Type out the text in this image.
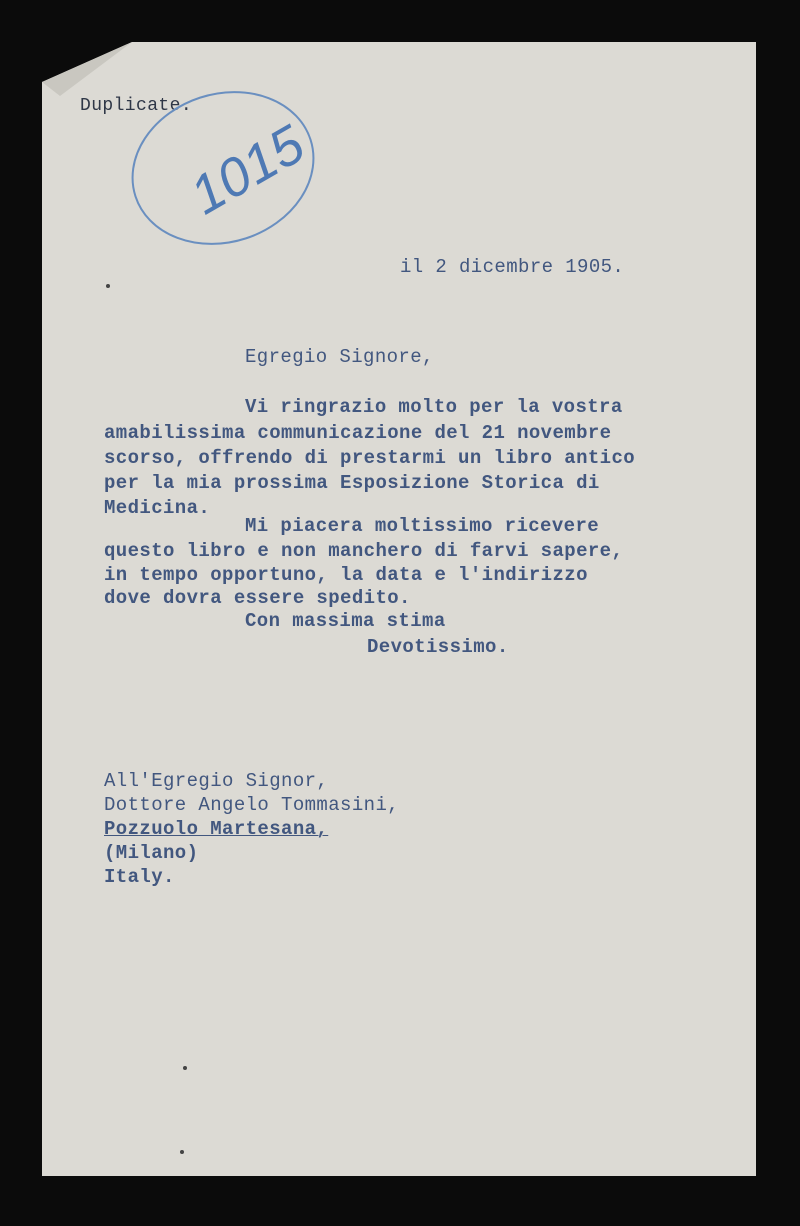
Duplicate.
1015
il 2 dicembre 1905.
Egregio Signore,
Vi ringrazio molto per la vostra
amabilissima communicazione del 21 novembre
scorso, offrendo di prestarmi un libro antico
per la mia prossima Esposizione Storica di
Medicina.
Mi piacera moltissimo ricevere
questo libro e non manchero di farvi sapere,
in tempo opportuno, la data e l'indirizzo
dove dovra essere spedito.
Con massima stima
Devotissimo.
All'Egregio Signor,
Dottore Angelo Tommasini,
Pozzuolo Martesana,
(Milano)
Italy.
